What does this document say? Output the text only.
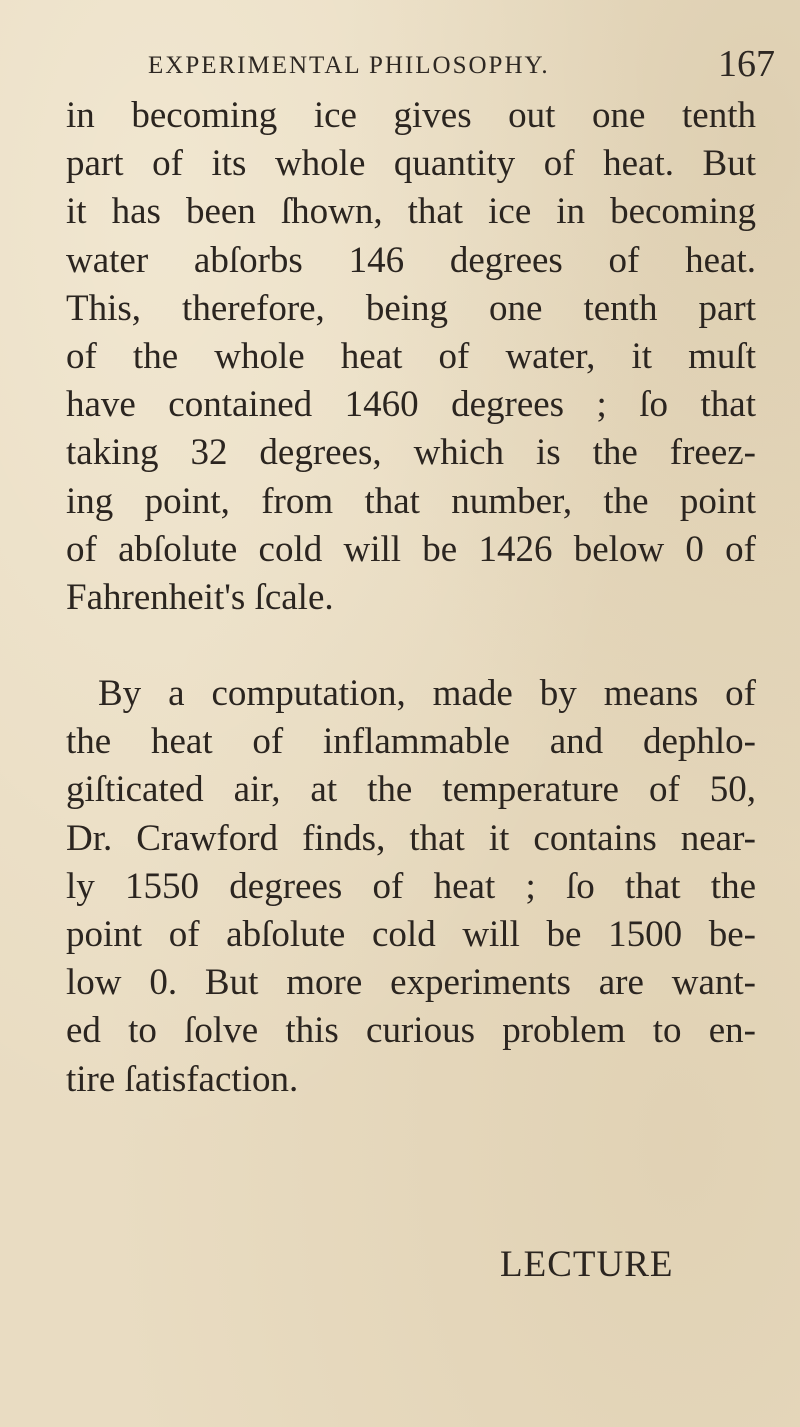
EXPERIMENTAL PHILOSOPHY.	167
in becoming ice gives out one tenth
part of its whole quantity of heat. But
it has been ſhown, that ice in becoming
water abſorbs 146 degrees of heat.
This, therefore, being one tenth part
of the whole heat of water, it muſt
have contained 1460 degrees ; ſo that
taking 32 degrees, which is the freez-
ing point, from that number, the point
of abſolute cold will be 1426 below 0 of
Fahrenheit's ſcale.
By a computation, made by means of
the heat of inflammable and dephlo-
giſticated air, at the temperature of 50,
Dr. Crawford finds, that it contains near-
ly 1550 degrees of heat ; ſo that the
point of abſolute cold will be 1500 be-
low 0. But more experiments are want-
ed to ſolve this curious problem to en-
tire ſatisfaction.
LECTURE
